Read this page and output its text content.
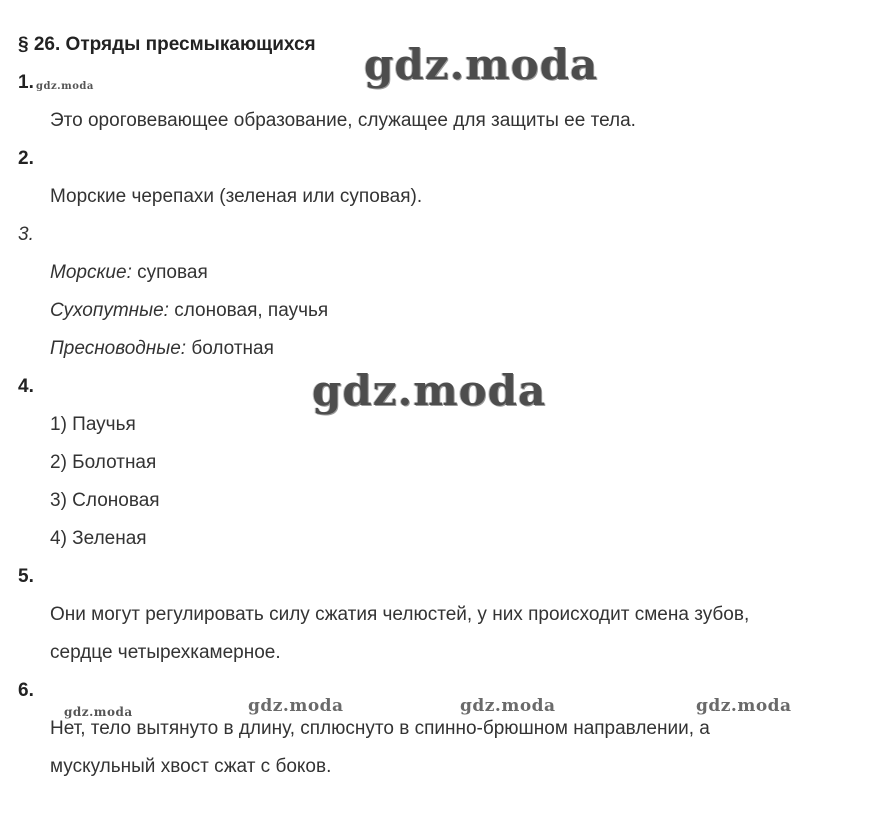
§ 26. Отряды пресмыкающихся gdz.moda
1. gdz.moda
Это ороговевающее образование, служащее для защиты ее тела.
2.
Морские черепахи (зеленая или суповая).
3.
Морские: суповая
Сухопутные: слоновая, паучья
Пресноводные: болотная
gdz.moda
4.
1) Паучья
2) Болотная
3) Слоновая
4) Зеленая
5.
Они могут регулировать силу сжатия челюстей, у них происходит смена зубов,
сердце четырехкамерное.
6.
gdz.moda	gdz.moda	gdz.moda	gdz.moda
Нет, тело вытянуто в длину, сплюснуто в спинно-брюшном направлении, а
мускульный хвост сжат с боков.
